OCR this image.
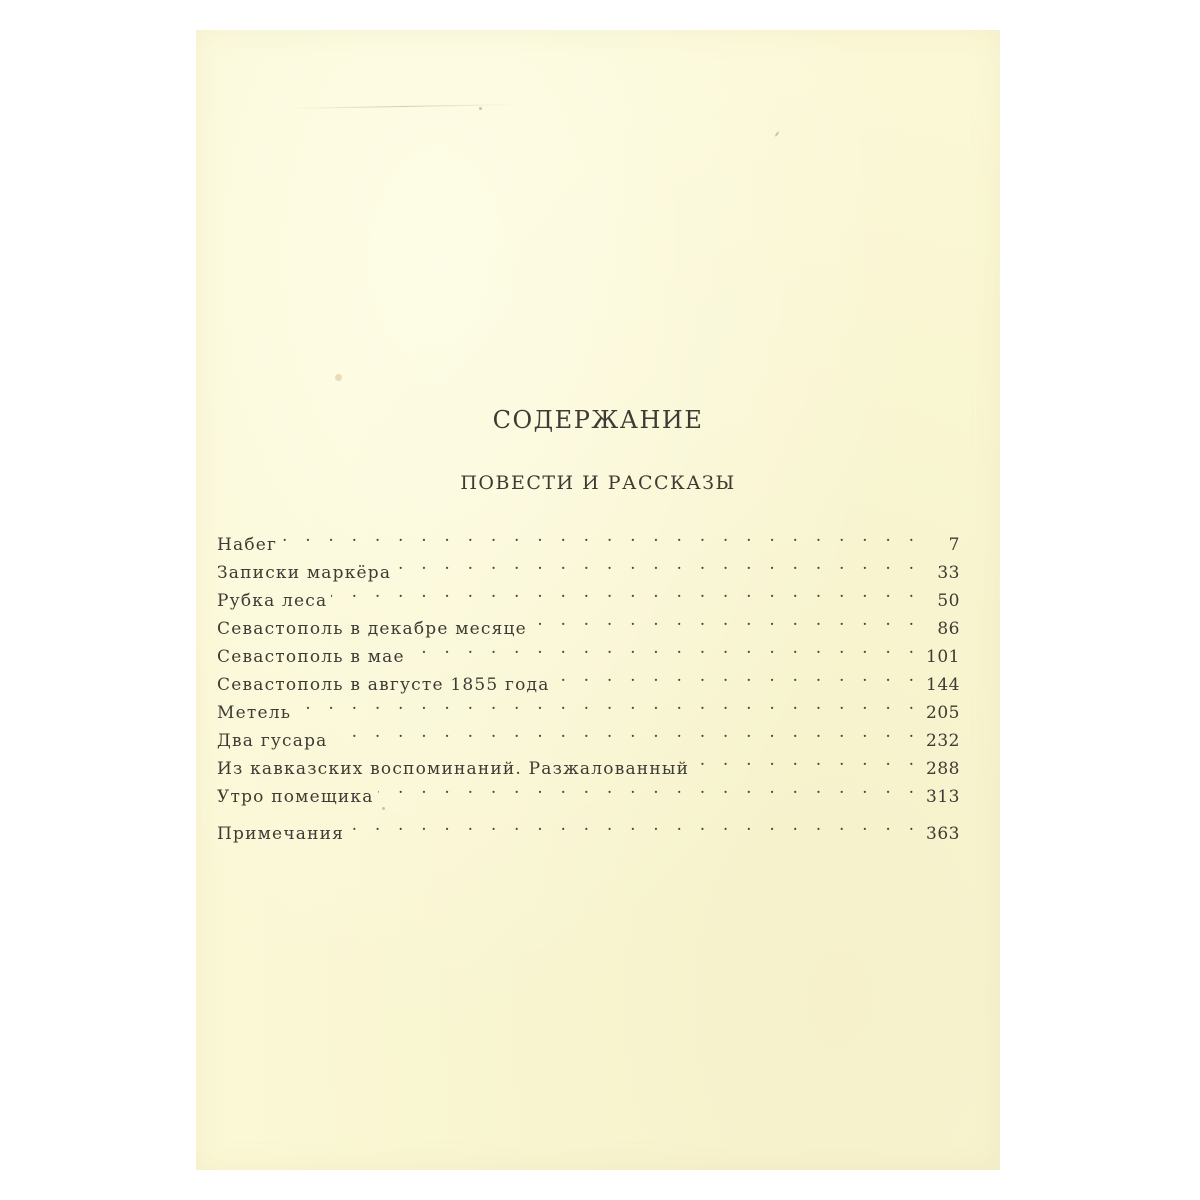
СОДЕРЖАНИЕ
ПОВЕСТИ И РАССКАЗЫ
Набег . . .	7
Записки маркёра . . .	33
Рубка леса . . .	50
Севастополь в декабре месяце . . .	86
Севастополь в мае . . .	101
Севастополь в августе 1855 года . . .	144
Метель . . .	205
Два гусара . . .	232
Из кавказских воспоминаний. Разжалованный . . .	288
Утро помещика . . .	313
Примечания . . .	363
